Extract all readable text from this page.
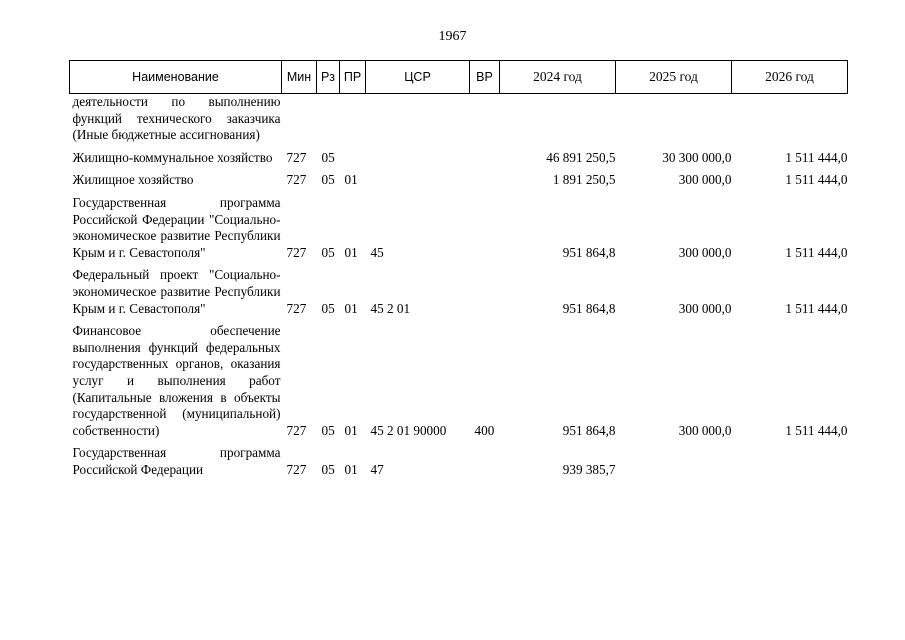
1967
Наименование	Мин	Рз	ПР	ЦСР	ВР	2024 год	2025 год	2026 год
деятельности по выполнению функций технического заказчика (Иные бюджетные ассигнования)								

Жилищно-коммунальное хозяйство	727	05				46 891 250,5	30 300 000,0	1 511 444,0

Жилищное хозяйство	727	05	01			1 891 250,5	300 000,0	1 511 444,0

Государственная программа Российской Федерации "Социально-экономическое развитие Республики Крым и г. Севастополя"	727	05	01	45		951 864,8	300 000,0	1 511 444,0

Федеральный проект "Социально-экономическое развитие Республики Крым и г. Севастополя"	727	05	01	45 2 01		951 864,8	300 000,0	1 511 444,0

Финансовое обеспечение выполнения функций федеральных государственных органов, оказания услуг и выполнения работ (Капитальные вложения в объекты государственной (муниципальной) собственности)	727	05	01	45 2 01 90000	400	951 864,8	300 000,0	1 511 444,0

Государственная программа Российской Федерации	727	05	01	47		939 385,7		
